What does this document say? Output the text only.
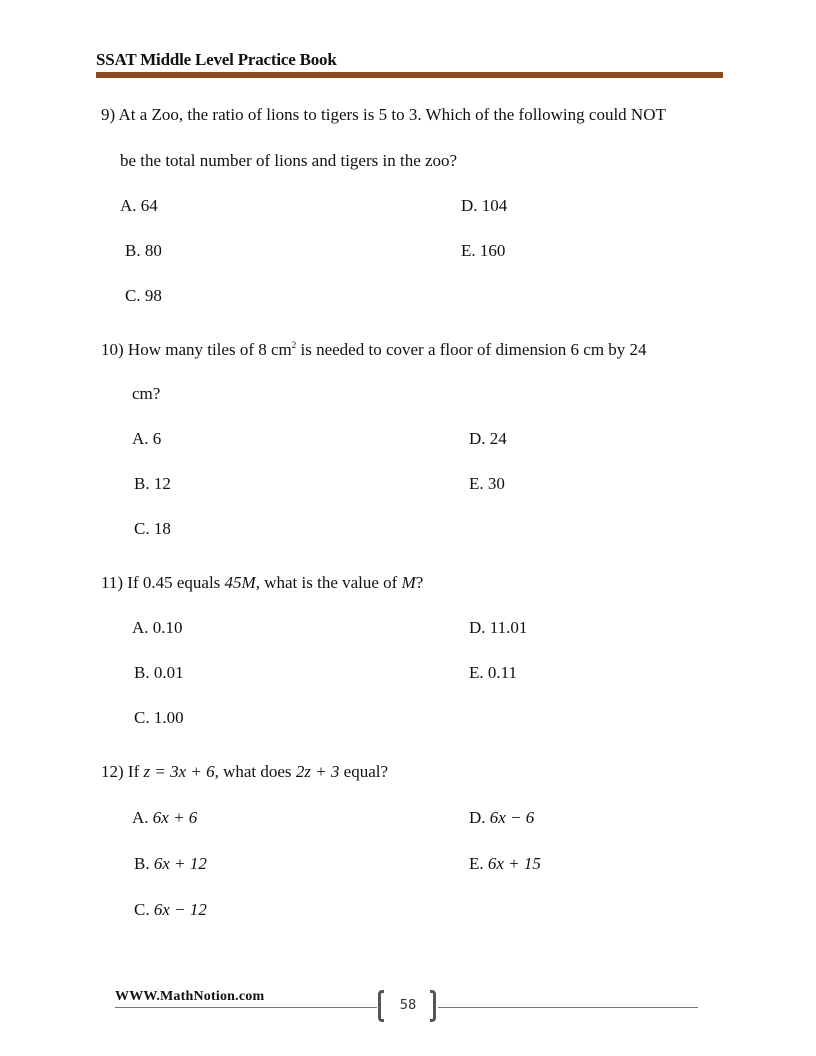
SSAT Middle Level Practice Book
9) At a Zoo, the ratio of lions to tigers is 5 to 3. Which of the following could NOT
be the total number of lions and tigers in the zoo?
A. 64	D. 104
B. 80	E. 160
C. 98
10) How many tiles of 8 $cm^2$ is needed to cover a floor of dimension 6 cm by 24
cm?
A. 6	D. 24
B. 12	E. 30
C. 18
11) If 0.45 equals 45M, what is the value of M?
A. 0.10	D. 11.01
B. 0.01	E. 0.11
C. 1.00
12) If z = 3x + 6, what does 2z + 3 equal?
A. 6x + 6	D. 6x − 6
B. 6x + 12	E. 6x + 15
C. 6x − 12
WWW.MathNotion.com
58
